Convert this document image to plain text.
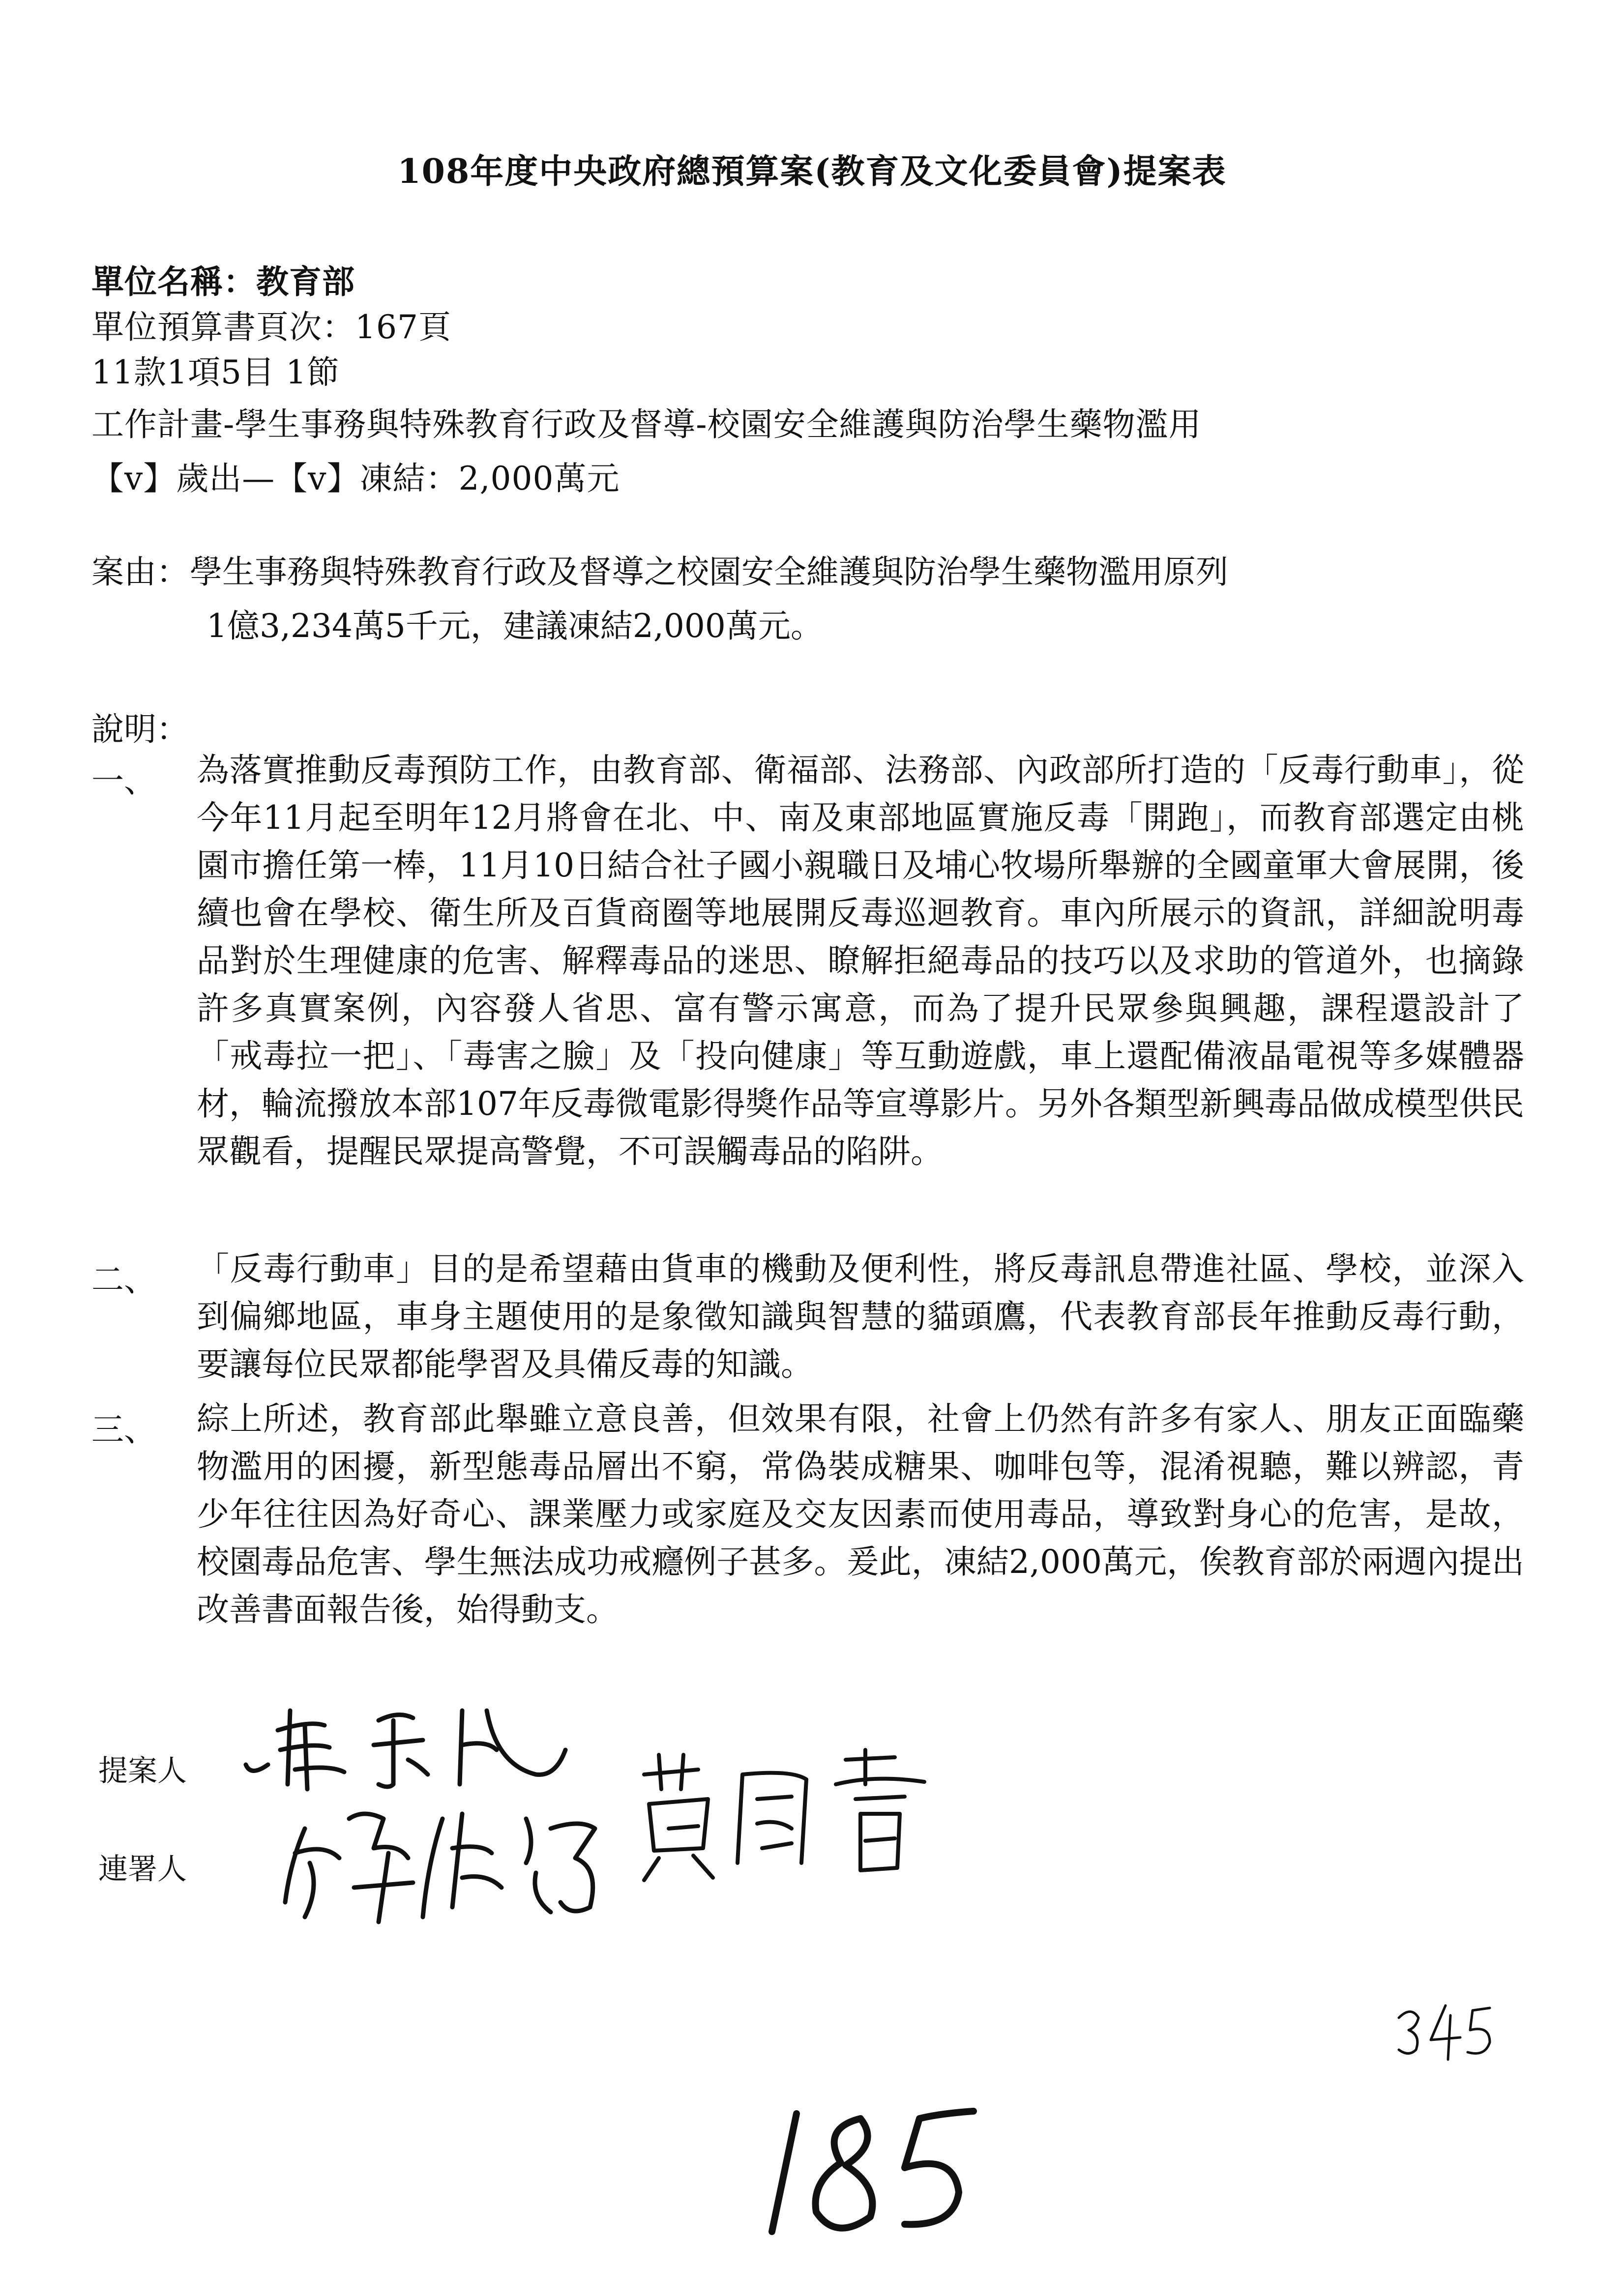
108年度中央政府總預算案(教育及文化委員會)提案表
單位名稱：教育部
單位預算書頁次：167頁
11款1項5目 1節
工作計畫-學生事務與特殊教育行政及督導-校園安全維護與防治學生藥物濫用
【v】歲出—【v】凍結：2,000萬元
案由： 學生事務與特殊教育行政及督導之校園安全維護與防治學生藥物濫用原列
1億3,234萬5千元，建議凍結2,000萬元。
說明：
一、 為落實推動反毒預防工作，由教育部、衛福部、法務部、內政部所打造的「反毒行動車」，從今年11月起至明年12月將會在北、中、南及東部地區實施反毒「開跑」，而教育部選定由桃園市擔任第一棒，11月10日結合社子國小親職日及埔心牧場所舉辦的全國童軍大會展開，後續也會在學校、衛生所及百貨商圈等地展開反毒巡迴教育。車內所展示的資訊，詳細說明毒品對於生理健康的危害、解釋毒品的迷思、瞭解拒絕毒品的技巧以及求助的管道外，也摘錄許多真實案例，內容發人省思、富有警示寓意，而為了提升民眾參與興趣，課程還設計了「戒毒拉一把」、「毒害之臉」及「投向健康」等互動遊戲，車上還配備液晶電視等多媒體器材，輪流撥放本部107年反毒微電影得獎作品等宣導影片。另外各類型新興毒品做成模型供民眾觀看，提醒民眾提高警覺，不可誤觸毒品的陷阱。
二、 「反毒行動車」目的是希望藉由貨車的機動及便利性，將反毒訊息帶進社區、學校，並深入到偏鄉地區，車身主題使用的是象徵知識與智慧的貓頭鷹，代表教育部長年推動反毒行動，要讓每位民眾都能學習及具備反毒的知識。
三、 綜上所述，教育部此舉雖立意良善，但效果有限，社會上仍然有許多有家人、朋友正面臨藥物濫用的困擾，新型態毒品層出不窮，常偽裝成糖果、咖啡包等，混淆視聽，難以辨認，青少年往往因為好奇心、課業壓力或家庭及交友因素而使用毒品，導致對身心的危害，是故，校園毒品危害、學生無法成功戒癮例子甚多。爰此，凍結2,000萬元，俟教育部於兩週內提出改善書面報告後，始得動支。
提案人
連署人
